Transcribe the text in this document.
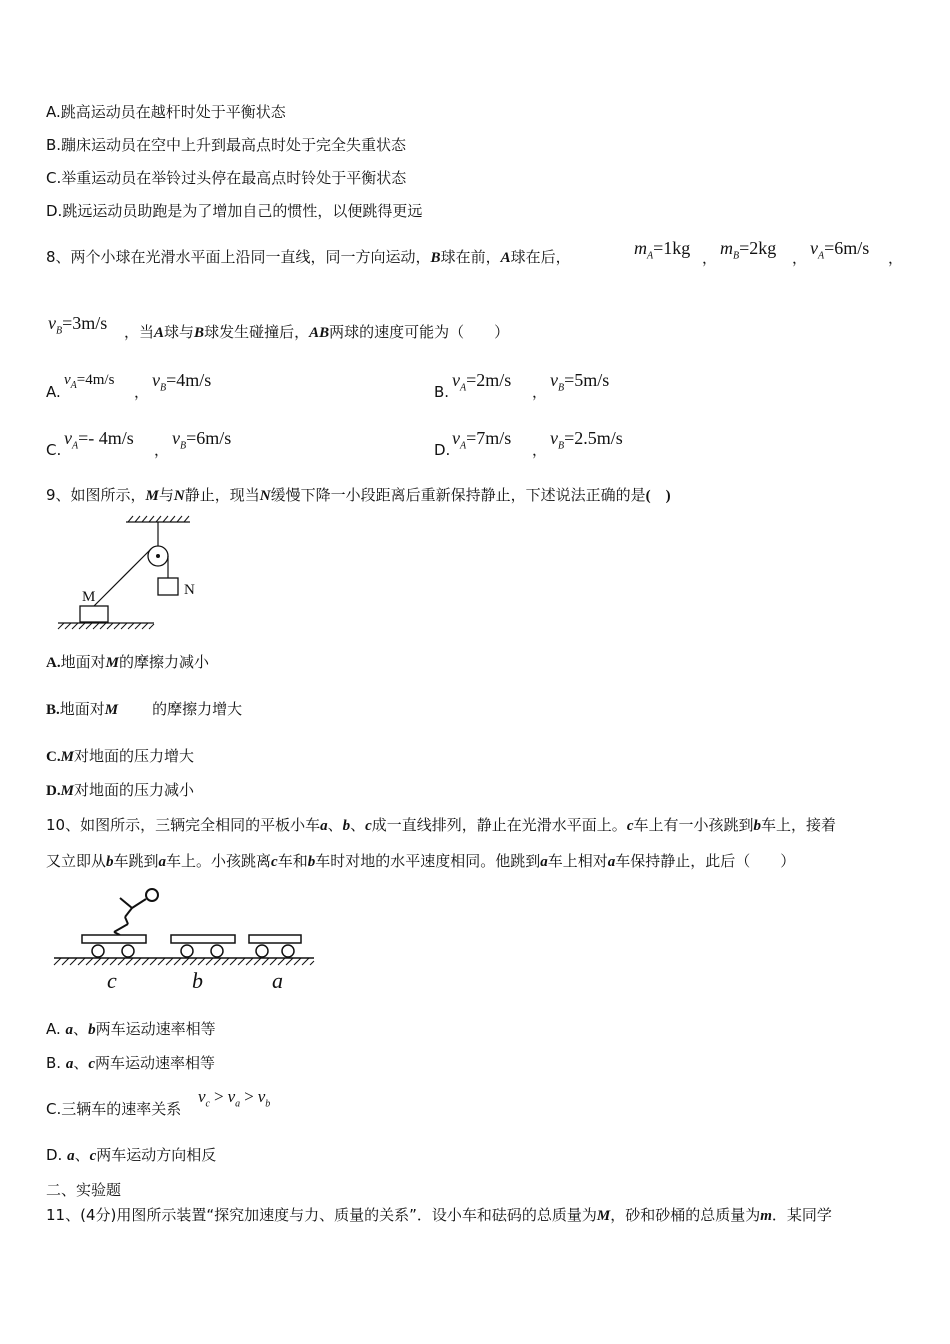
A.跳高运动员在越杆时处于平衡状态
B.蹦床运动员在空中上升到最高点时处于完全失重状态
C.举重运动员在举铃过头停在最高点时铃处于平衡状态
D.跳远运动员助跑是为了增加自己的惯性，以便跳得更远
8、两个小球在光滑水平面上沿同一直线，同一方向运动，B球在前，A球在后，	$m_A=1kg$ ， $m_B=2kg$ ， $v_A=6m/s$ ，
$v_B=3m/s$ ，当A球与B球发生碰撞后，AB两球的速度可能为（　　）
A.
$v_A=4m/s$
，
$v_B=4m/s$
B.
$v_A=2m/s$
，
$v_B=5m/s$
C.
$v_A=-$ 4m/s
，
$v_B=6m/s$
D.
$v_A=7m/s$
，
$v_B=2.5m/s$
9、如图所示，M与N静止，现当N缓慢下降一小段距离后重新保持静止，下述说法正确的是(　)
N
M
A.地面对M的摩擦力减小
B.地面对M 的摩擦力增大
C.M对地面的压力增大
D.M对地面的压力减小
10、如图所示，三辆完全相同的平板小车a、b、c成一直线排列，静止在光滑水平面上。c车上有一小孩跳到b车上，接着
又立即从b车跳到a车上。小孩跳离c车和b车时对地的水平速度相同。他跳到a车上相对a车保持静止，此后（　　）
c	b	a
A. a、b两车运动速率相等
B. a、c两车运动速率相等
C.三辆车的速率关系
$v_c > v_a > v_b$
D. a、c两车运动方向相反
二、实验题
11、(4分)用图所示装置“探究加速度与力、质量的关系”．设小车和砝码的总质量为M，砂和砂桶的总质量为m．某同学
